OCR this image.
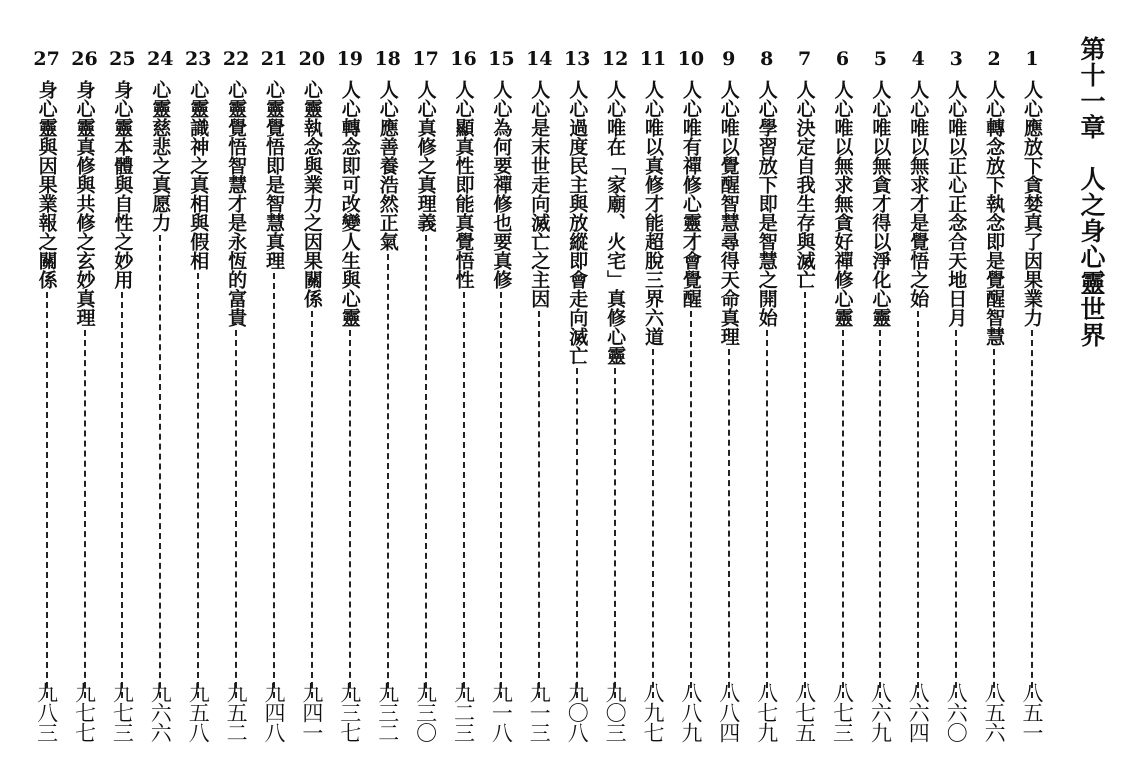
第十一章　人之身心靈世界
1
人心應放下貪婪真了因果業力
八五一
2
人心轉念放下執念即是覺醒智慧
八五六
3
人心唯以正心正念合天地日月
八六〇
4
人心唯以無求才是覺悟之始
八六四
5
人心唯以無貪才得以淨化心靈
八六九
6
人心唯以無求無貪好禪修心靈
八七三
7
人心決定自我生存與滅亡
八七五
8
人心學習放下即是智慧之開始
八七九
9
人心唯以覺醒智慧尋得天命真理
八八四
10
人心唯有禪修心靈才會覺醒
八八九
11
人心唯以真修才能超脫三界六道
八九七
12
人心唯在「家廟、火宅」真修心靈
九〇三
13
人心過度民主與放縱即會走向滅亡
九〇八
14
人心是末世走向滅亡之主因
九一三
15
人心為何要禪修也要真修
九一八
16
人心顯真性即能真覺悟性
九二三
17
人心真修之真理義
九三〇
18
人心應善養浩然正氣
九三二
19
人心轉念即可改變人生與心靈
九三七
20
心靈執念與業力之因果關係
九四一
21
心靈覺悟即是智慧真理
九四八
22
心靈覺悟智慧才是永恆的富貴
九五二
23
心靈識神之真相與假相
九五八
24
心靈慈悲之真愿力
九六六
25
身心靈本體與自性之妙用
九七三
26
身心靈真修與共修之玄妙真理
九七七
27
身心靈與因果業報之關係
九八三
